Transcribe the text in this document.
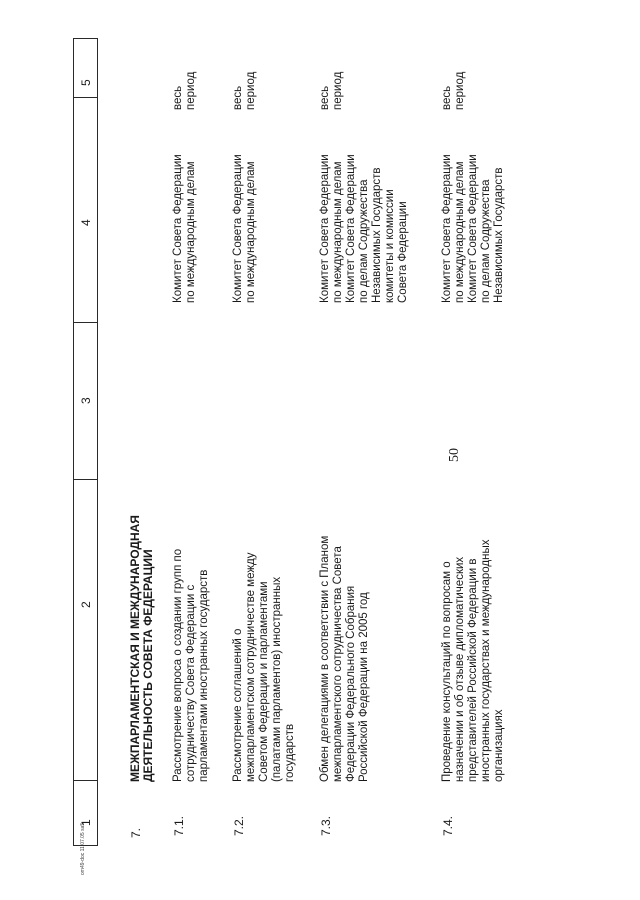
50
1
2
3
4
5
7.
МЕЖПАРЛАМЕНТСКАЯ И МЕЖДУНАРОДНАЯ
ДЕЯТЕЛЬНОСТЬ СОВЕТА ФЕДЕРАЦИИ
7.1.
Рассмотрение вопроса о создании групп по сотрудничеству Совета Федерации с парламентами иностранных государств
Комитет Совета Федерации по международным делам
весь период
7.2.
Рассмотрение соглашений о межпарламентском сотрудничестве между Советом Федерации и парламентами (палатами парламентов) иностранных государств
Комитет Совета Федерации по международным делам
весь период
7.3.
Обмен делегациями в соответствии с Планом межпарламентского сотрудничества Совета Федерации Федерального Собрания Российской Федерации на 2005 год
Комитет Совета Федерации по международным делам Комитет Совета Федерации по делам Содружества Независимых Государств комитеты и комиссии Совета Федерации
весь период
7.4.
Проведение консультаций по вопросам о назначении и об отзыве дипломатических представителей Российской Федерации в иностранных государствах и международных организациях
Комитет Совета Федерации по международным делам Комитет Совета Федерации по делам Содружества Независимых Государств
весь период
om49-doc 11.07.05 sa5
